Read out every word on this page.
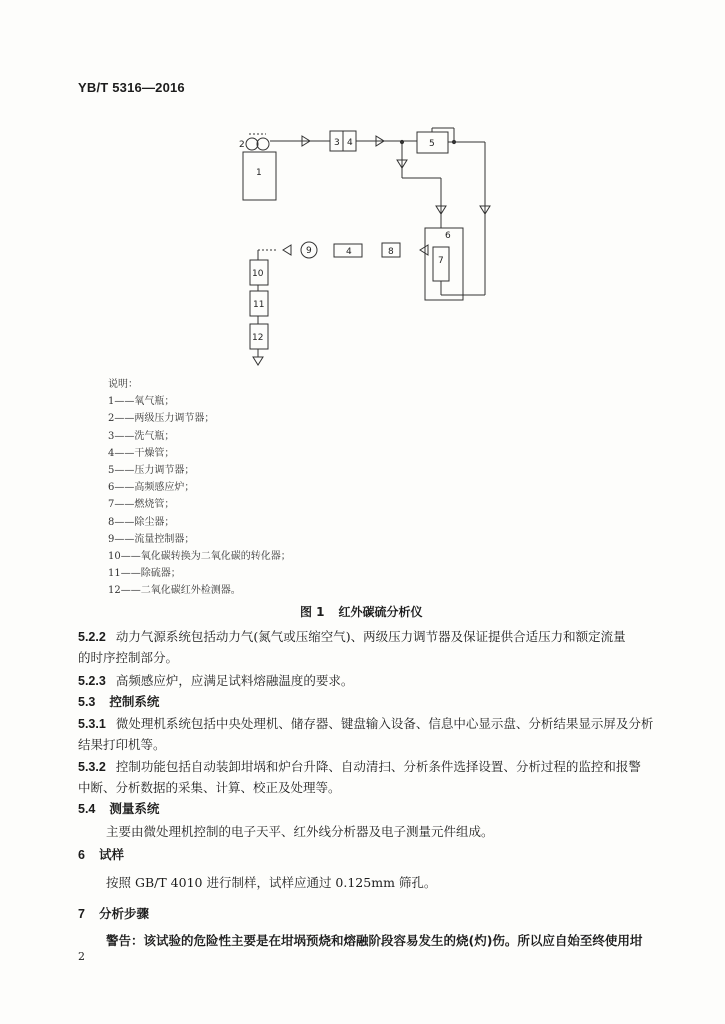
YB/T 5316—2016
1
2	3 4	5
6
7
4	8
9
10
11
12
说明：
1——氧气瓶；
2——两级压力调节器；
3——洗气瓶；
4——干燥管；
5——压力调节器；
6——高频感应炉；
7——燃烧管；
8——除尘器；
9——流量控制器；
10——氧化碳转换为二氧化碳的转化器；
11——除硫器；
12——二氧化碳红外检测器。
图 1 红外碳硫分析仪
5.2.2 动力气源系统包括动力气(氮气或压缩空气)、两级压力调节器及保证提供合适压力和额定流量
的时序控制部分。
5.2.3 高频感应炉，应满足试料熔融温度的要求。
5.3 控制系统
5.3.1 微处理机系统包括中央处理机、储存器、键盘输入设备、信息中心显示盘、分析结果显示屏及分析
结果打印机等。
5.3.2 控制功能包括自动装卸坩埚和炉台升降、自动清扫、分析条件选择设置、分析过程的监控和报警
中断、分析数据的采集、计算、校正及处理等。
5.4 测量系统
主要由微处理机控制的电子天平、红外线分析器及电子测量元件组成。
6 试样
按照 GB/T 4010 进行制样，试样应通过 0.125mm 筛孔。
7 分析步骤
警告：该试验的危险性主要是在坩埚预烧和熔融阶段容易发生的烧(灼)伤。所以应自始至终使用坩
2
